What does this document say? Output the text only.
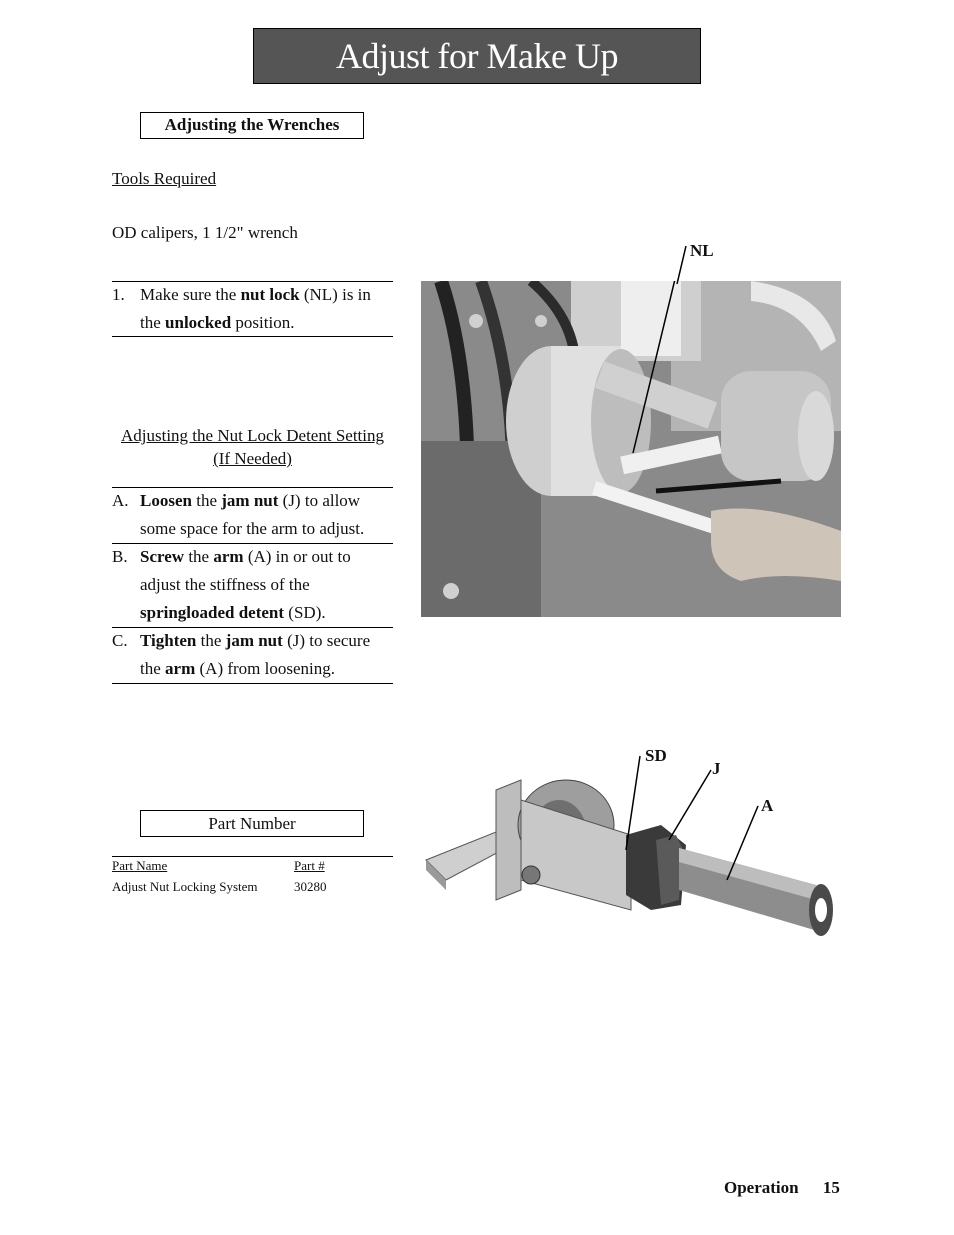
Adjust for Make Up
Adjusting the Wrenches
Tools Required
OD calipers, 1 1/2" wrench
1. Make sure the nut lock (NL) is in the unlocked position.
Adjusting the Nut Lock Detent Setting
(If Needed)
A. Loosen the jam nut (J) to allow some space for the arm to adjust.
B. Screw the arm (A) in or out to adjust the stiffness of the springloaded detent (SD).
C. Tighten the jam nut (J) to secure the arm (A) from loosening.
Part Number
Part Name	Part #
Adjust Nut Locking System	30280
NL
SD
J
A
Operation 15
